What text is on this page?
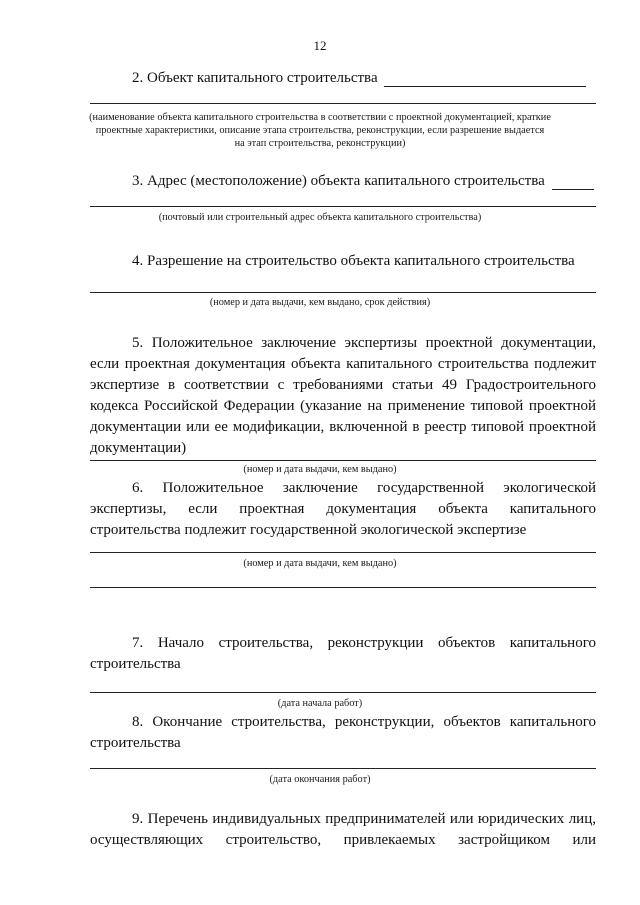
12
2. Объект капитального строительства
(наименование объекта капитального строительства в соответствии с проектной документацией, краткие
проектные характеристики, описание этапа строительства, реконструкции, если разрешение выдается
на этап строительства, реконструкции)
3. Адрес (местоположение) объекта капитального строительства
(почтовый или строительный адрес объекта капитального строительства)
4. Разрешение на строительство объекта капитального строительства
(номер и дата выдачи, кем выдано, срок действия)
5. Положительное заключение экспертизы проектной документации, если проектная документация объекта капитального строительства подлежит экспертизе в соответствии с требованиями статьи 49 Градостроительного кодекса Российской Федерации (указание на применение типовой проектной документации или ее модификации, включенной в реестр типовой проектной документации)
(номер и дата выдачи, кем выдано)
6. Положительное заключение государственной экологической экспертизы, если проектная документация объекта капитального строительства подлежит государственной экологической экспертизе
(номер и дата выдачи, кем выдано)
7. Начало строительства, реконструкции объектов капитального строительства
(дата начала работ)
8. Окончание строительства, реконструкции, объектов капитального строительства
(дата окончания работ)
9. Перечень индивидуальных предпринимателей или юридических лиц, осуществляющих строительство, привлекаемых застройщиком или
